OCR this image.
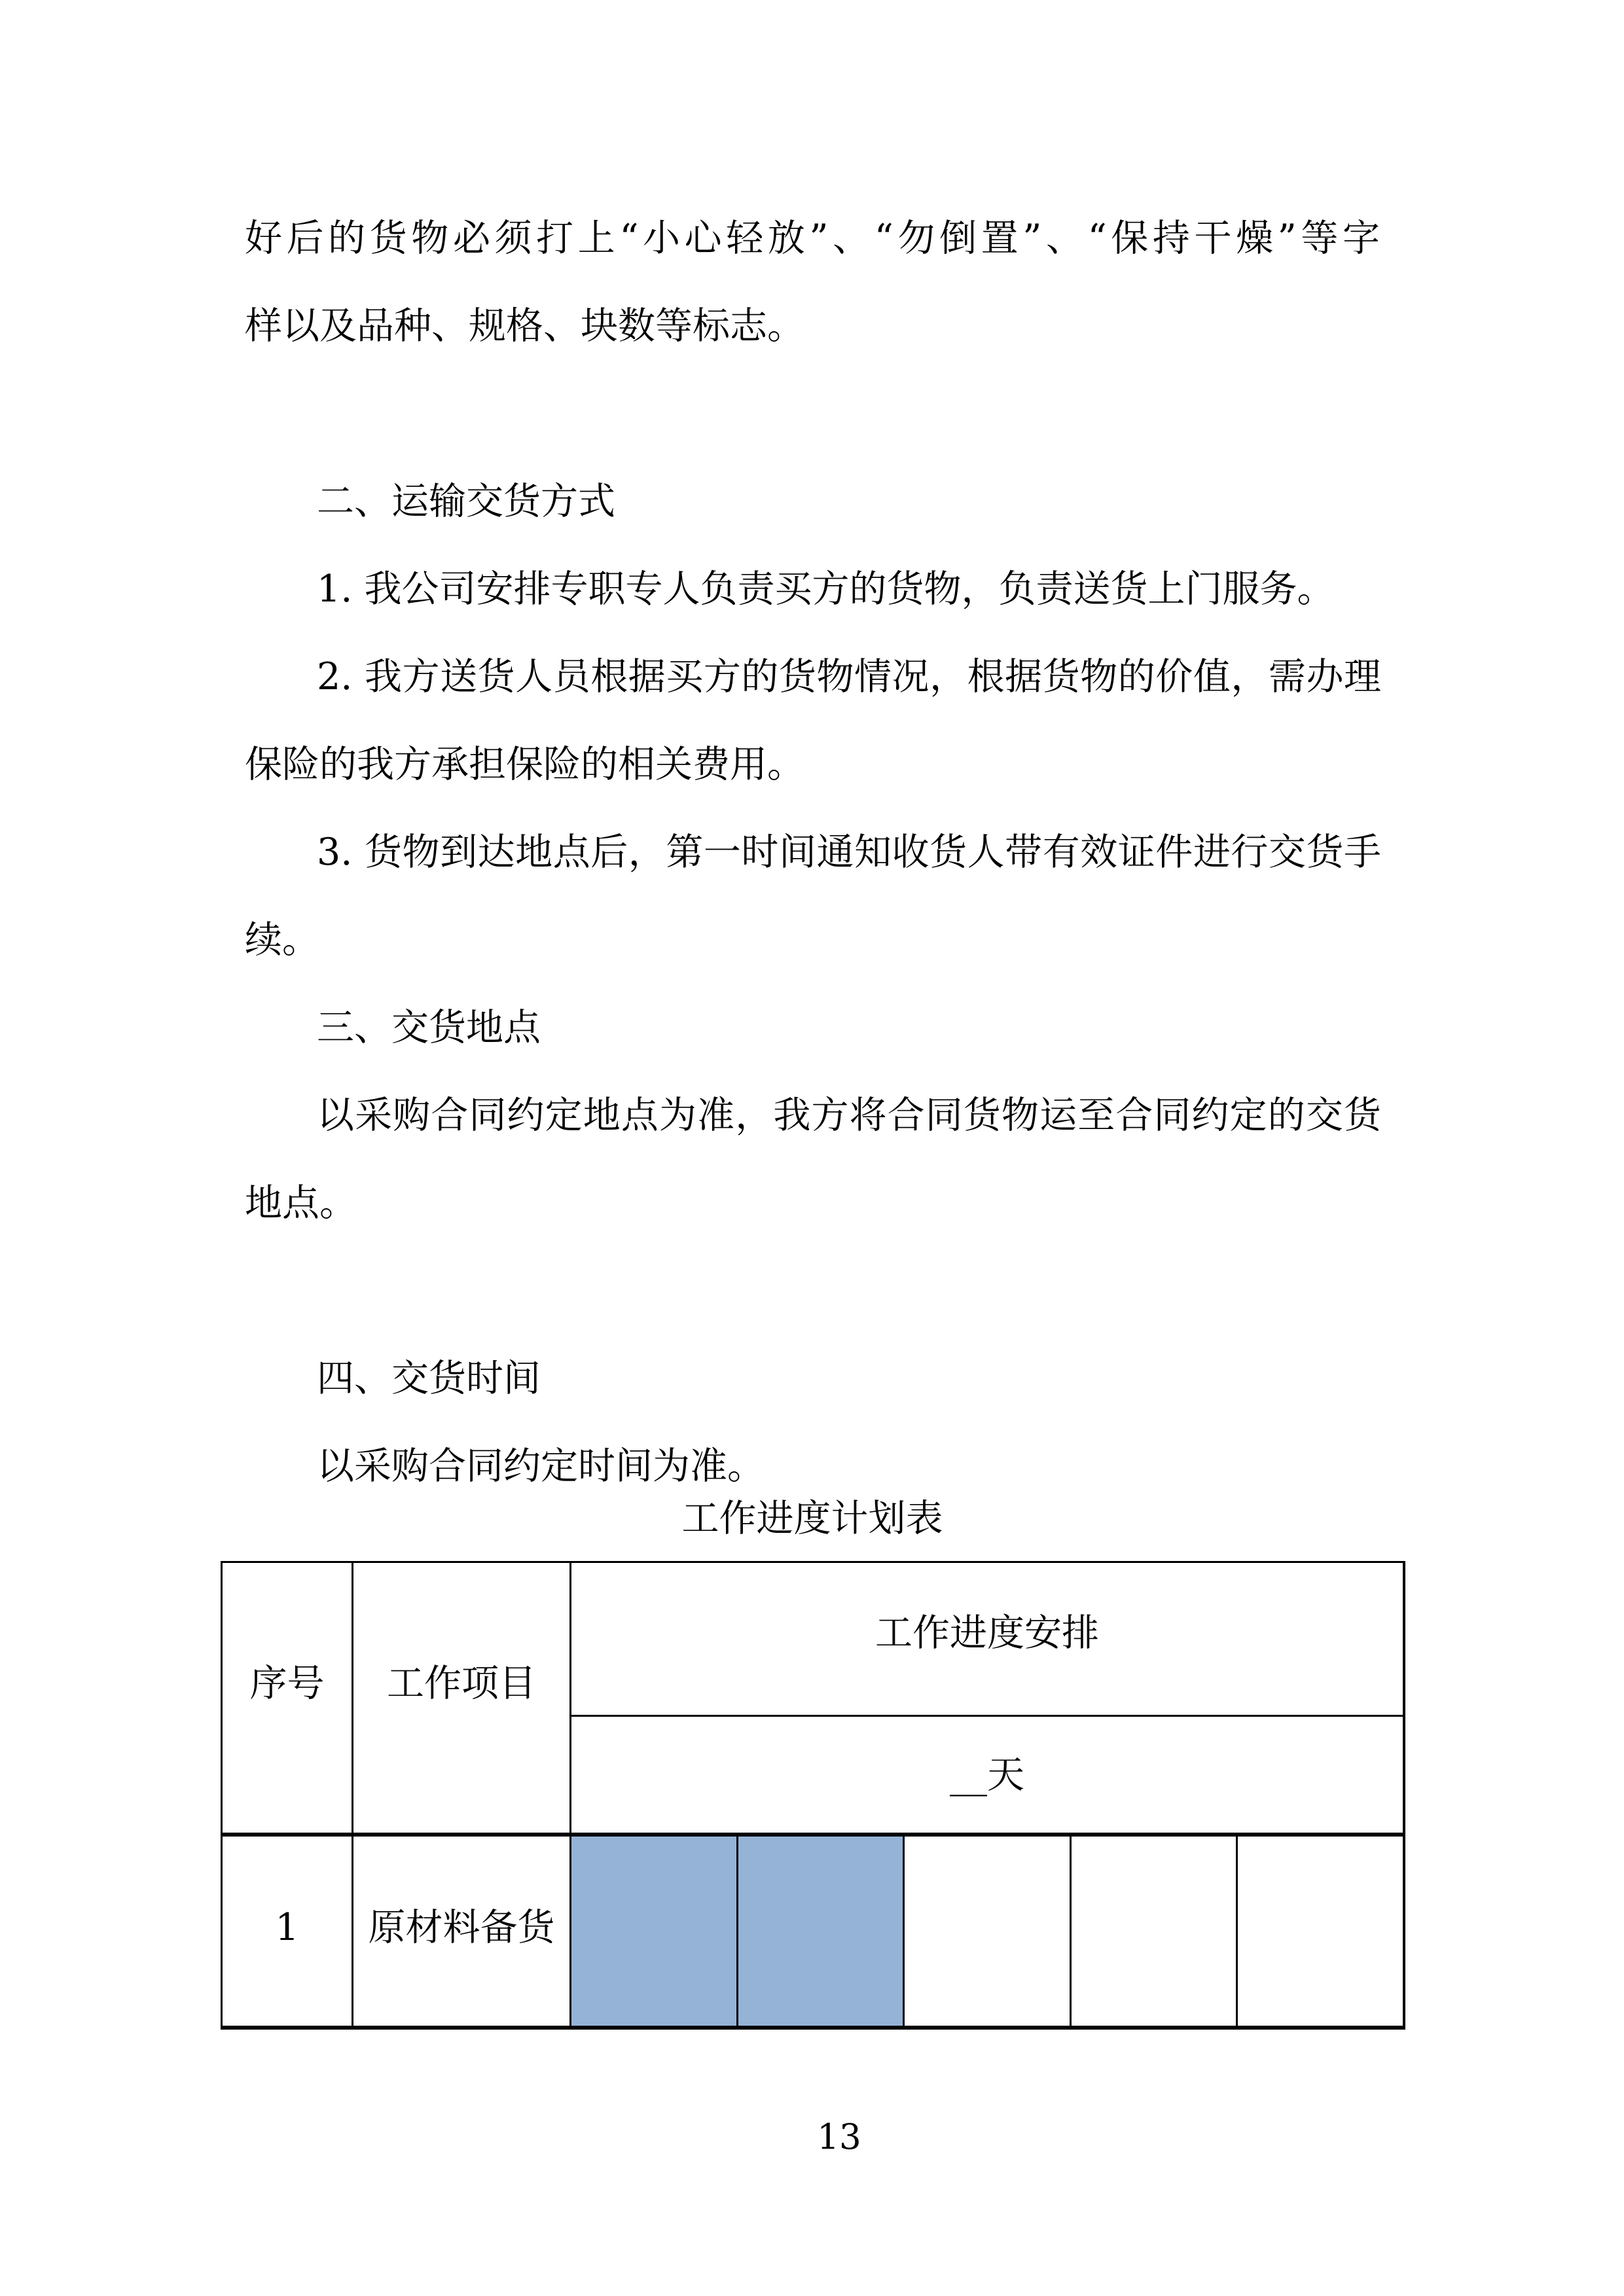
好后的货物必须打上“小心轻放”、“勿倒置”、“保持干燥”等字
样以及品种、规格、块数等标志。
二、运输交货方式
1. 我公司安排专职专人负责买方的货物，负责送货上门服务。
2. 我方送货人员根据买方的货物情况，根据货物的价值，需办理
保险的我方承担保险的相关费用。
3. 货物到达地点后，第一时间通知收货人带有效证件进行交货手
续。
三、交货地点
以采购合同约定地点为准，我方将合同货物运至合同约定的交货
地点。
四、交货时间
以采购合同约定时间为准。
工作进度计划表
序号	工作项目
工作进度安排
__天
1	原材料备货
13
